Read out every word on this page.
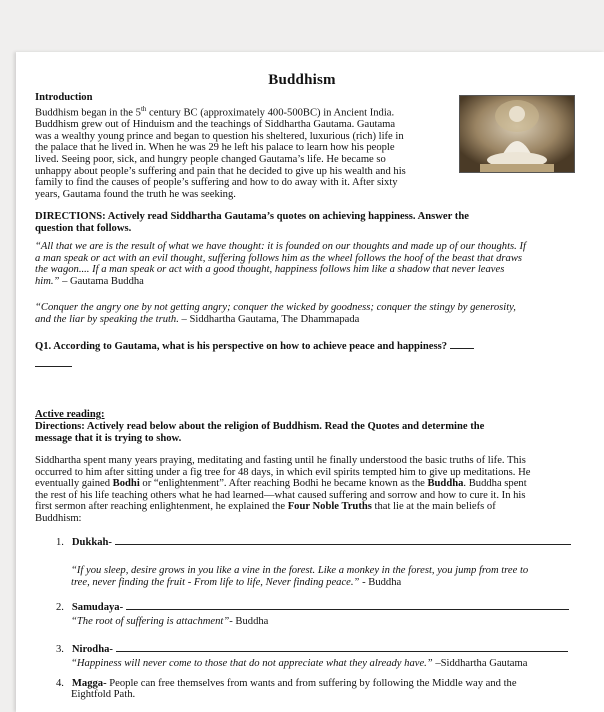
Buddhism
Introduction
Buddhism began in the 5th century BC (approximately 400-500BC) in Ancient India.
Buddhism grew out of Hinduism and the teachings of Siddhartha Gautama. Gautama
was a wealthy young prince and began to question his sheltered, luxurious (rich) life in
the palace that he lived in. When he was 29 he left his palace to learn how his people
lived. Seeing poor, sick, and hungry people changed Gautama’s life. He became so
unhappy about people’s suffering and pain that he decided to give up his wealth and his
family to find the causes of people’s suffering and how to do away with it. After sixty
years, Gautama found the truth he was seeking.
DIRECTIONS: Actively read Siddhartha Gautama’s quotes on achieving happiness. Answer the
question that follows.
“All that we are is the result of what we have thought: it is founded on our thoughts and made up of our thoughts. If
a man speak or act with an evil thought, suffering follows him as the wheel follows the hoof of the beast that draws
the wagon.... If a man speak or act with a good thought, happiness follows him like a shadow that never leaves
him.” – Gautama Buddha
“Conquer the angry one by not getting angry; conquer the wicked by goodness; conquer the stingy by generosity,
and the liar by speaking the truth. – Siddhartha Gautama, The Dhammapada
Q1. According to Gautama, what is his perspective on how to achieve peace and happiness?
Active reading:
Directions: Actively read below about the religion of Buddhism. Read the Quotes and determine the
message that it is trying to show.
Siddhartha spent many years praying, meditating and fasting until he finally understood the basic truths of life. This
occurred to him after sitting under a fig tree for 48 days, in which evil spirits tempted him to give up meditations. He
eventually gained Bodhi or “enlightenment”. After reaching Bodhi he became known as the Buddha. Buddha spent
the rest of his life teaching others what he had learned—what caused suffering and sorrow and how to cure it. In his
first sermon after reaching enlightenment, he explained the Four Noble Truths that lie at the main beliefs of
Buddhism:
1. Dukkah-
“If you sleep, desire grows in you like a vine in the forest. Like a monkey in the forest, you jump from tree to
tree, never finding the fruit - From life to life, Never finding peace.” - Buddha
2. Samudaya-
“The root of suffering is attachment”- Buddha
3. Nirodha-
“Happiness will never come to those that do not appreciate what they already have.” –Siddhartha Gautama
4. Magga- People can free themselves from wants and from suffering by following the Middle way and the
Eightfold Path.
